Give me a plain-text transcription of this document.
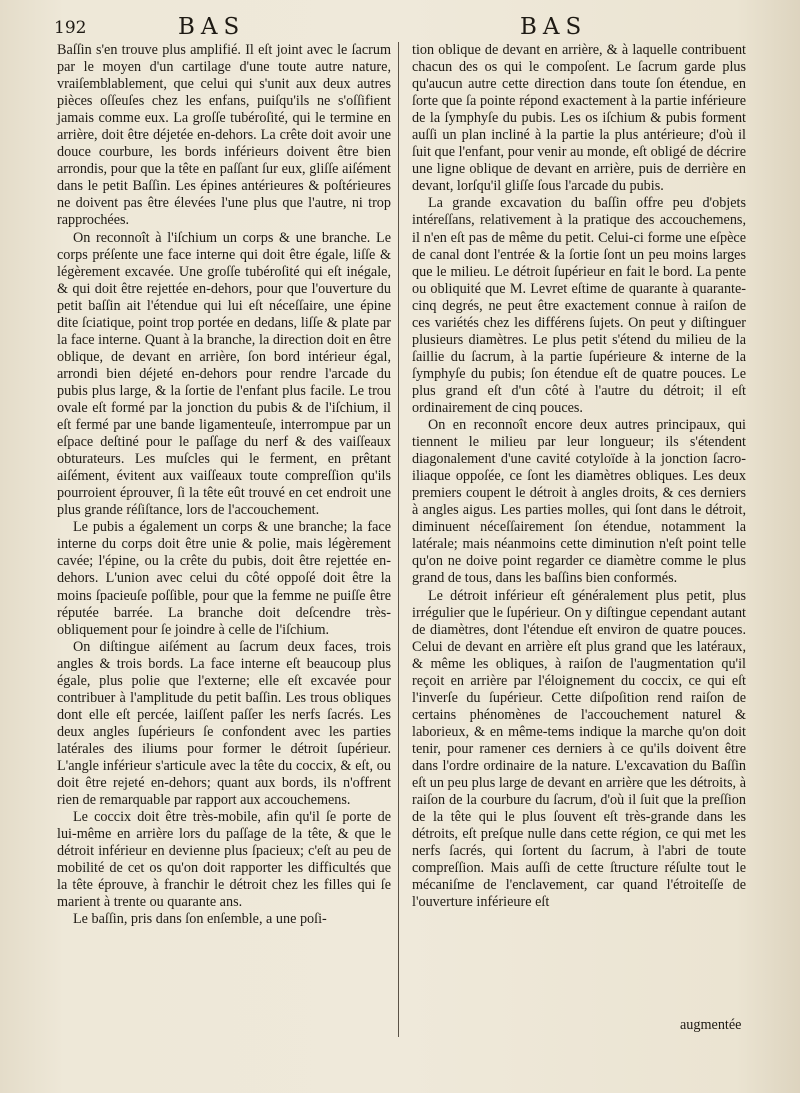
192	BAS	BAS

Baſſin s'en trouve plus amplifié. Il eſt joint avec le ſacrum par le moyen d'un cartilage d'une toute autre nature, vraiſemblablement, que celui qui s'unit aux deux autres pièces oſſeuſes chez les enfans, puiſqu'ils ne s'oſſifient jamais comme eux. La groſſe tubéroſité, qui le termine en arrière, doit être déjetée en-dehors. La crête doit avoir une douce courbure, les bords inférieurs doivent être bien arrondis, pour que la tête en paſſant ſur eux, gliſſe aiſément dans le petit Baſſin. Les épines antérieures & poſtérieures ne doivent pas être élevées l'une plus que l'autre, ni trop rapprochées.

On reconnoît à l'iſchium un corps & une branche. Le corps préſente une face interne qui doit être égale, liſſe & légèrement excavée. Une groſſe tubéroſité qui eſt inégale, & qui doit être rejettée en-dehors, pour que l'ouverture du petit baſſin ait l'étendue qui lui eſt néceſſaire, une épine dite ſciatique, point trop portée en dedans, liſſe & plate par la face interne. Quant à la branche, la direction doit en être oblique, de devant en arrière, ſon bord intérieur égal, arrondi bien déjeté en-dehors pour rendre l'arcade du pubis plus large, & la ſortie de l'enfant plus facile. Le trou ovale eſt formé par la jonction du pubis & de l'iſchium, il eſt fermé par une bande ligamenteuſe, interrompue par un eſpace deſtiné pour le paſſage du nerf & des vaiſſeaux obturateurs. Les muſcles qui le ferment, en prêtant aiſément, évitent aux vaiſſeaux toute compreſſion qu'ils pourroient éprouver, ſi la tête eût trouvé en cet endroit une plus grande réſiſtance, lors de l'accouchement.

Le pubis a également un corps & une branche; la face interne du corps doit être unie & polie, mais légèrement cavée; l'épine, ou la crête du pubis, doit être rejettée en-dehors. L'union avec celui du côté oppoſé doit être la moins ſpacieuſe poſſible, pour que la femme ne puiſſe être réputée barrée. La branche doit deſcendre très-obliquement pour ſe joindre à celle de l'iſchium.

On diſtingue aiſément au ſacrum deux faces, trois angles & trois bords. La face interne eſt beaucoup plus égale, plus polie que l'externe; elle eſt excavée pour contribuer à l'amplitude du petit baſſin. Les trous obliques dont elle eſt percée, laiſſent paſſer les nerfs ſacrés. Les deux angles ſupérieurs ſe confondent avec les parties latérales des iliums pour former le détroit ſupérieur. L'angle inférieur s'articule avec la tête du coccix, & eſt, ou doit être rejeté en-dehors; quant aux bords, ils n'offrent rien de remarquable par rapport aux accouchemens.

Le coccix doit être très-mobile, afin qu'il ſe porte de lui-même en arrière lors du paſſage de la tête, & que le détroit inférieur en devienne plus ſpacieux; c'eſt au peu de mobilité de cet os qu'on doit rapporter les difficultés que la tête éprouve, à franchir le détroit chez les filles qui ſe marient à trente ou quarante ans.

Le baſſin, pris dans ſon enſemble, a une poſi-

tion oblique de devant en arrière, & à laquelle contribuent chacun des os qui le compoſent. Le ſacrum garde plus qu'aucun autre cette direction dans toute ſon étendue, en ſorte que ſa pointe répond exactement à la partie inférieure de la ſymphyſe du pubis. Les os iſchium & pubis forment auſſi un plan incliné à la partie la plus antérieure; d'où il ſuit que l'enfant, pour venir au monde, eſt obligé de décrire une ligne oblique de devant en arrière, puis de derrière en devant, lorſqu'il gliſſe ſous l'arcade du pubis.

La grande excavation du baſſin offre peu d'objets intéreſſans, relativement à la pratique des accouchemens, il n'en eſt pas de même du petit. Celui-ci forme une eſpèce de canal dont l'entrée & la ſortie ſont un peu moins larges que le milieu. Le détroit ſupérieur en fait le bord. La pente ou obliquité que M. Levret eſtime de quarante à quarante-cinq degrés, ne peut être exactement connue à raiſon de ces variétés chez les différens ſujets. On peut y diſtinguer plusieurs diamètres. Le plus petit s'étend du milieu de la ſaillie du ſacrum, à la partie ſupérieure & interne de la ſymphyſe du pubis; ſon étendue eſt de quatre pouces. Le plus grand eſt d'un côté à l'autre du détroit; il eſt ordinairement de cinq pouces.

On en reconnoît encore deux autres principaux, qui tiennent le milieu par leur longueur; ils s'étendent diagonalement d'une cavité cotyloïde à la jonction ſacro-iliaque oppoſée, ce ſont les diamètres obliques. Les deux premiers coupent le détroit à angles droits, & ces derniers à angles aigus. Les parties molles, qui ſont dans le détroit, diminuent néceſſairement ſon étendue, notamment la latérale; mais néanmoins cette diminution n'eſt point telle qu'on ne doive point regarder ce diamètre comme le plus grand de tous, dans les baſſins bien conformés.

Le détroit inférieur eſt généralement plus petit, plus irrégulier que le ſupérieur. On y diſtingue cependant autant de diamètres, dont l'étendue eſt environ de quatre pouces. Celui de devant en arrière eſt plus grand que les latéraux, & même les obliques, à raiſon de l'augmentation qu'il reçoit en arrière par l'éloignement du coccix, ce qui eſt l'inverſe du ſupérieur. Cette diſpoſition rend raiſon de certains phénomènes de l'accouchement naturel & laborieux, & en même-tems indique la marche qu'on doit tenir, pour ramener ces derniers à ce qu'ils doivent être dans l'ordre ordinaire de la nature. L'excavation du Baſſin eſt un peu plus large de devant en arrière que les détroits, à raiſon de la courbure du ſacrum, d'où il ſuit que la preſſion de la tête qui le plus ſouvent eſt très-grande dans les détroits, eſt preſque nulle dans cette région, ce qui met les nerfs ſacrés, qui ſortent du ſacrum, à l'abri de toute compreſſion. Mais auſſi de cette ſtructure réſulte tout le mécaniſme de l'enclavement, car quand l'étroiteſſe de l'ouverture inférieure eſt

augmentée
